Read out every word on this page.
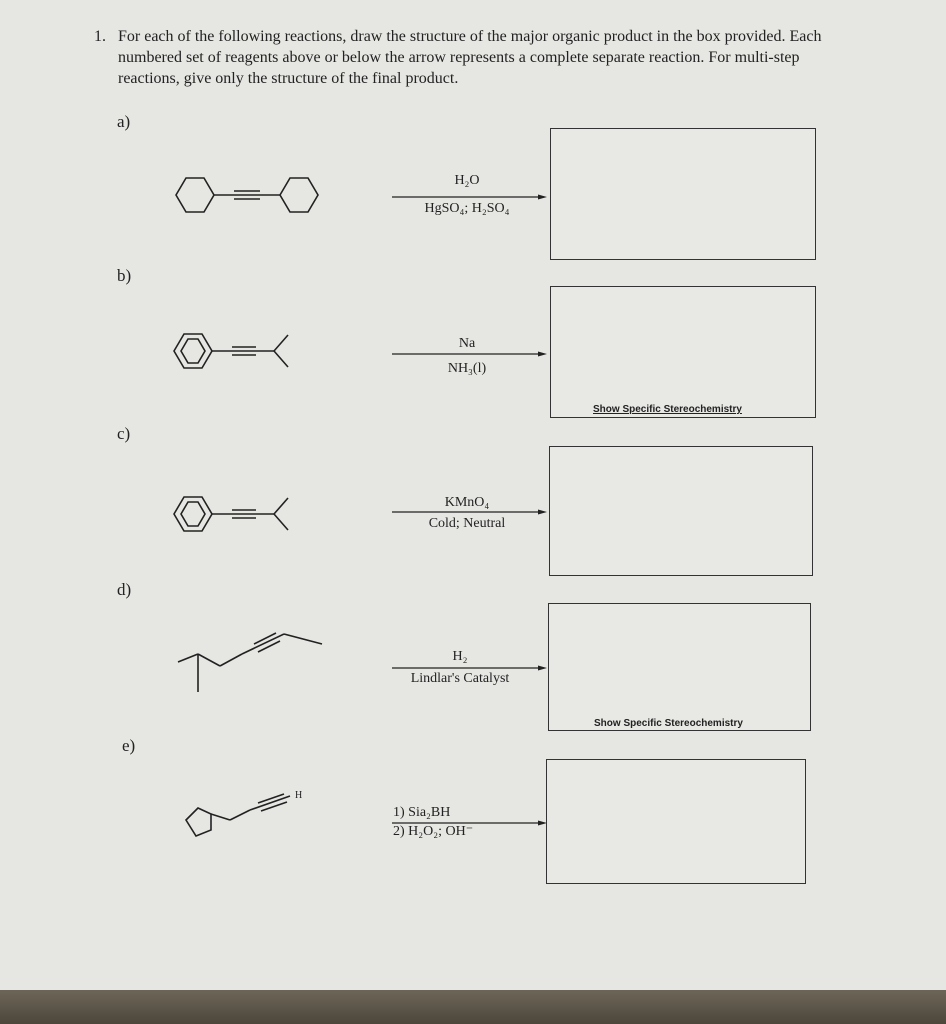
1. For each of the following reactions, draw the structure of the major organic product in the box provided. Each numbered set of reagents above or below the arrow represents a complete separate reaction. For multi-step reactions, give only the structure of the final product.
a)
H₂O
HgSO₄; H₂SO₄
b)
Na
NH₃(l)
Show Specific Stereochemistry
c)
KMnO₄
Cold; Neutral
d)
H₂
Lindlar's Catalyst
Show Specific Stereochemistry
e)
H
1) Sia₂BH
2) H₂O₂; OH⁻
